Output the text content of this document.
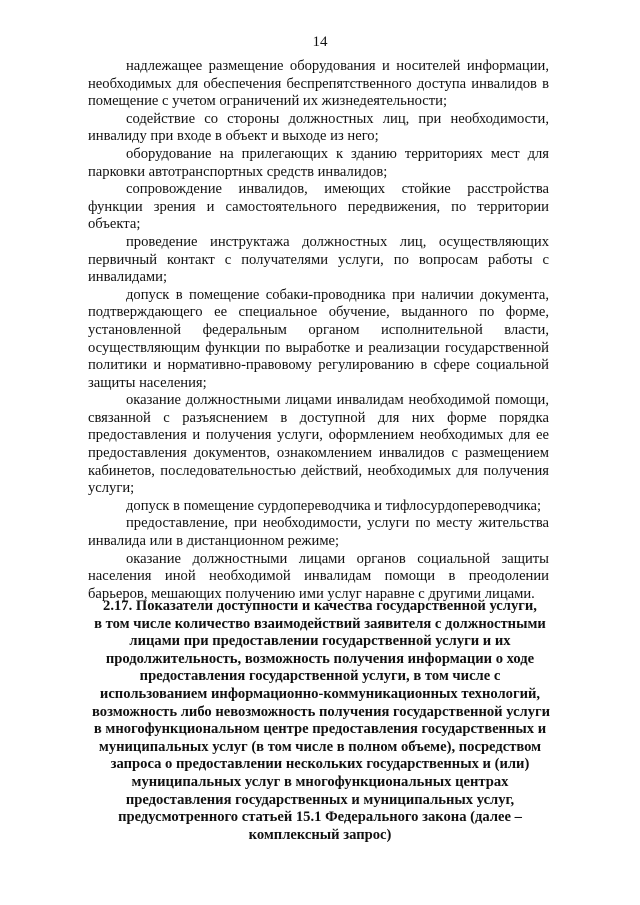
14

надлежащее размещение оборудования и носителей информации, необходимых для обеспечения беспрепятственного доступа инвалидов в помещение с учетом ограничений их жизнедеятельности;

содействие со стороны должностных лиц, при необходимости, инвалиду при входе в объект и выходе из него;

оборудование на прилегающих к зданию территориях мест для парковки автотранспортных средств инвалидов;

сопровождение инвалидов, имеющих стойкие расстройства функции зрения и самостоятельного передвижения, по территории объекта;

проведение инструктажа должностных лиц, осуществляющих первичный контакт с получателями услуги, по вопросам работы с инвалидами;

допуск в помещение собаки-проводника при наличии документа, подтверждающего ее специальное обучение, выданного по форме, установленной федеральным органом исполнительной власти, осуществляющим функции по выработке и реализации государственной политики и нормативно-правовому регулированию в сфере социальной защиты населения;

оказание должностными лицами инвалидам необходимой помощи, связанной с разъяснением в доступной для них форме порядка предоставления и получения услуги, оформлением необходимых для ее предоставления документов, ознакомлением инвалидов с размещением кабинетов, последовательностью действий, необходимых для получения услуги;

допуск в помещение сурдопереводчика и тифлосурдопереводчика;

предоставление, при необходимости, услуги по месту жительства инвалида или в дистанционном режиме;

оказание должностными лицами органов социальной защиты населения иной необходимой инвалидам помощи в преодолении барьеров, мешающих получению ими услуг наравне с другими лицами.

2.17. Показатели доступности и качества государственной услуги,
в том числе количество взаимодействий заявителя с должностными
лицами при предоставлении государственной услуги и их
продолжительность, возможность получения информации о ходе
предоставления государственной услуги, в том числе с
использованием информационно-коммуникационных технологий,
возможность либо невозможность получения государственной услуги
в многофункциональном центре предоставления государственных и
муниципальных услуг (в том числе в полном объеме), посредством
запроса о предоставлении нескольких государственных и (или)
муниципальных услуг в многофункциональных центрах
предоставления государственных и муниципальных услуг,
предусмотренного статьей 15.1 Федерального закона (далее –
комплексный запрос)
